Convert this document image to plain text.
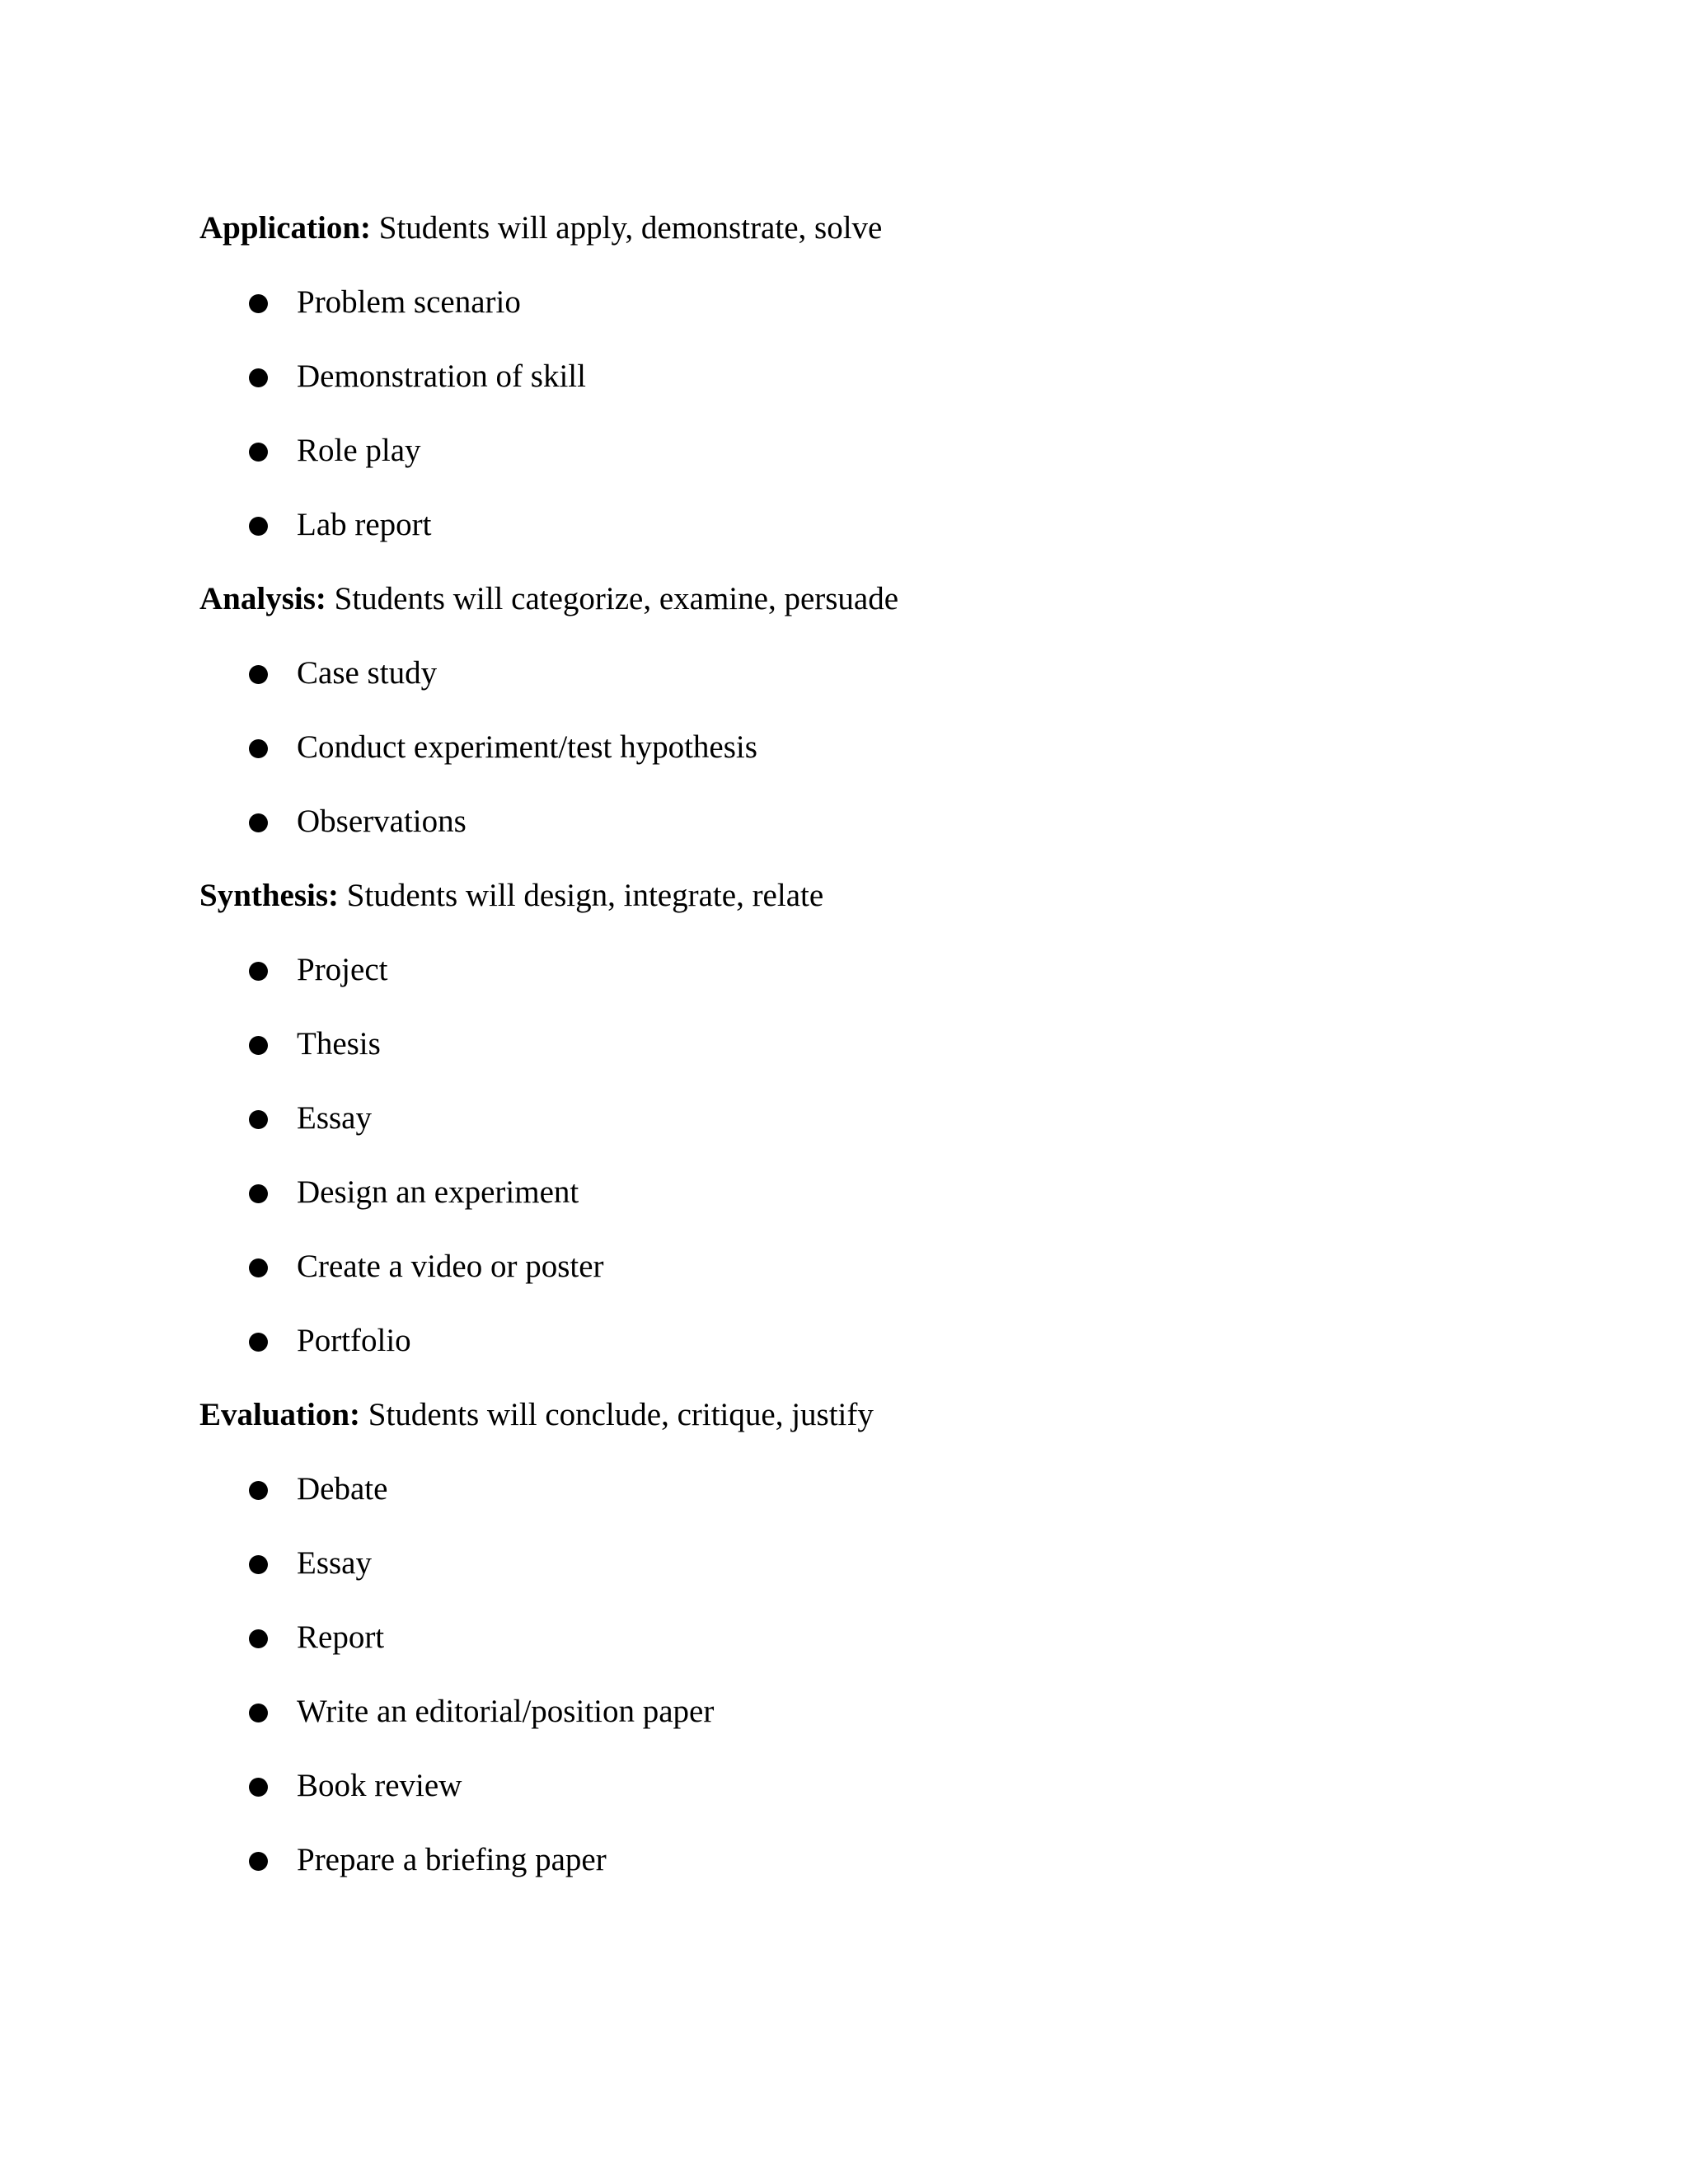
Application: Students will apply, demonstrate, solve
Problem scenario
Demonstration of skill
Role play
Lab report
Analysis: Students will categorize, examine, persuade
Case study
Conduct experiment/test hypothesis
Observations
Synthesis: Students will design, integrate, relate
Project
Thesis
Essay
Design an experiment
Create a video or poster
Portfolio
Evaluation: Students will conclude, critique, justify
Debate
Essay
Report
Write an editorial/position paper
Book review
Prepare a briefing paper
